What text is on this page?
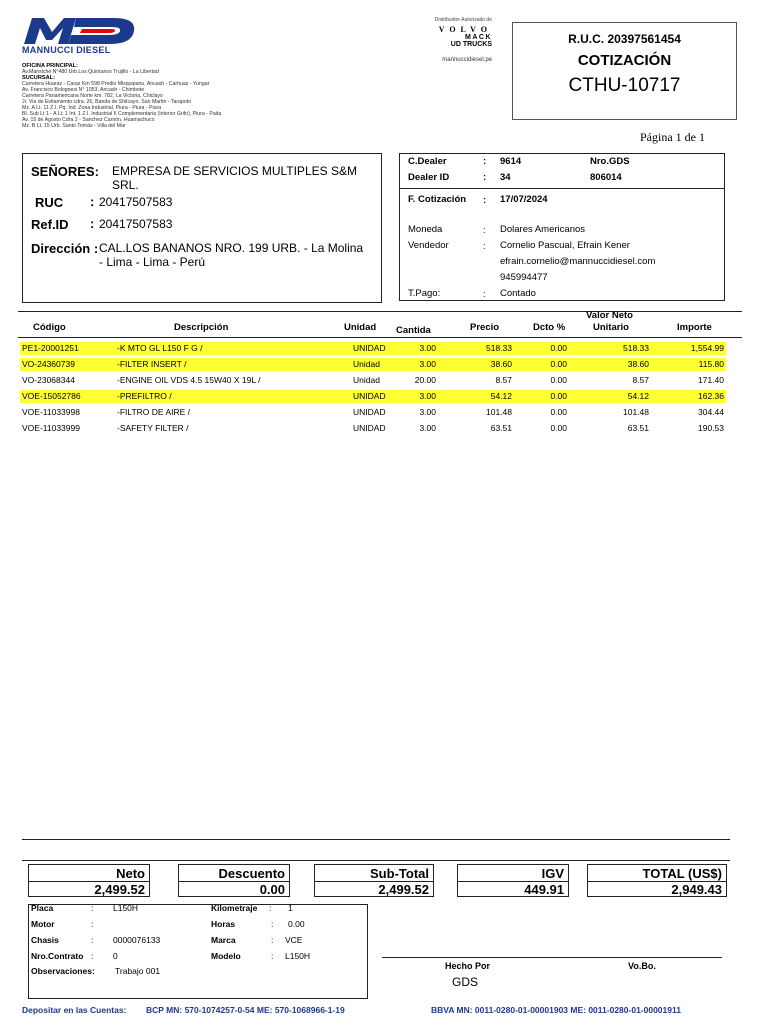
MANNUCCI DIESEL
OFICINA PRINCIPAL:
Av.Mansiche N°480 Urb.Los Quintanos Trujillo - La Libertad
SUCURSAL:
Carretera Huaraz - Caraz Km 598 Predio Misquipanu, Ancash - Carhuaz - Yungar
Av. Francisco Bolognesi N° 1053, Ancash - Chimbote
Carretera Panamericana Norte km. 782, La Victoria, Chiclayo
Jr. Via de Evitamiento cdra. 26, Banda de Shilcayo, San Martin - Tarapoto
Mz. A Lt. 11 Z.I. Pq. Ind. Zona Industrial, Piura - Piura - Piura
Bl. Sub Lt 1 - A Lt. 1 Int. 1 Z.I. Industrial II Complementaria (Interior Grifo), Piura - Paita
Av. 15 de Agosto Cdra 2 - Sanchez Carrión, Huamachuco
Mz. B Lt. 15 Urb. Santo Tomás - Villa del Mar
Distribuidor Autorizado de
VOLVO
MACK
UD TRUCKS
mannuccidiesel.pe
R.U.C. 20397561454
COTIZACIÓN
CTHU-10717
Página 1 de 1
SEÑORES: EMPRESA DE SERVICIOS MULTIPLES S&M SRL.
RUC : 20417507583
Ref.ID : 20417507583
Dirección : CAL.LOS BANANOS NRO. 199 URB. - La Molina - Lima - Lima - Perú
C.Dealer	: 9614	Nro.GDS
Dealer ID	: 34	806014
F. Cotización : 17/07/2024
Moneda	: Dolares Americanos
Vendedor	: Cornelio Pascual, Efrain Kener
efrain.cornelio@mannuccidiesel.com
945994477
T.Pago:	: Contado
Código	Descripción	Unidad Cantida	Precio	Dcto %
Valor Neto
Unitario	Importe
PE1-20001251	-K MTO GL L150 F G /	UNIDAD	3.00	518.33	0.00	518.33	1,554.99
VO-24360739	-FILTER INSERT /	Unidad	3.00	38.60	0.00	38.60	115.80
VO-23068344	-ENGINE OIL VDS 4.5 15W40 X 19L /	Unidad	20.00	8.57	0.00	8.57	171.40
VOE-15052786	-PREFILTRO /	UNIDAD	3.00	54.12	0.00	54.12	162.36
VOE-11033998	-FILTRO DE AIRE /	UNIDAD	3.00	101.48	0.00	101.48	304.44
VOE-11033999	-SAFETY FILTER /	UNIDAD	3.00	63.51	0.00	63.51	190.53
Neto
2,499.52
Descuento
0.00
Sub-Total
2,499.52
IGV
449.91
TOTAL (US$)
2,949.43
Placa	: L150H
Motor	:
Chasis	: 0000076133
Nro.Contrato : 0
Observaciones: Trabajo 001
Kilometraje : 1
Horas	: 0.00
Marca	: VCE
Modelo	: L150H
Hecho Por
GDS
Vo.Bo.
Depositar en las Cuentas: BCP MN: 570-1074257-0-54 ME: 570-1068966-1-19	BBVA MN: 0011-0280-01-00001903 ME: 0011-0280-01-00001911
